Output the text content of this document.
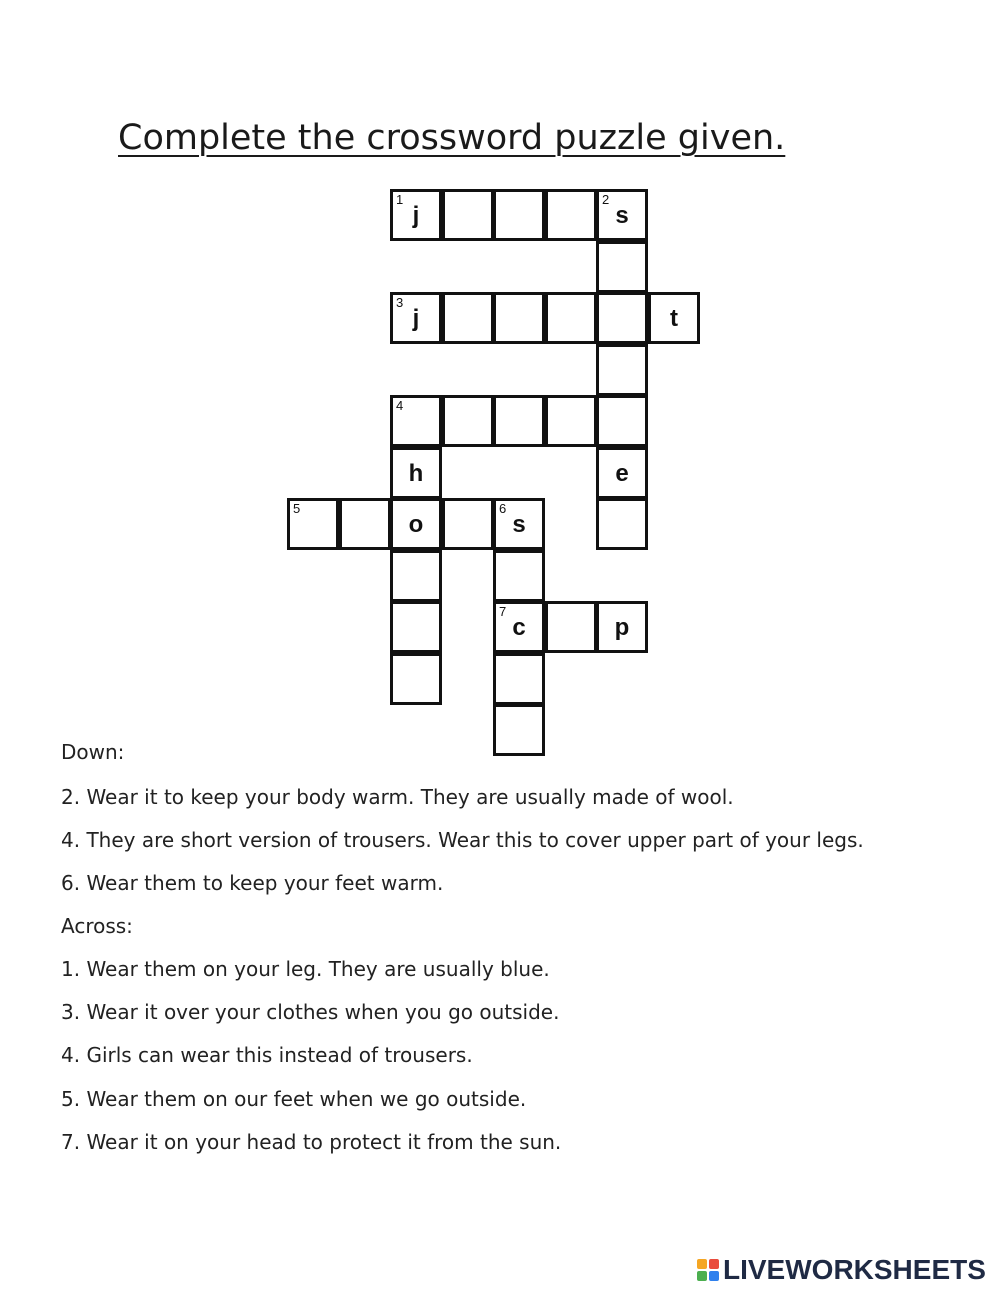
Complete the crossword puzzle given.
1
j
2
s
3
j	t
4
h	e
5
o
6
s
7
c	p
Down:
2. Wear it to keep your body warm. They are usually made of wool.
4. They are short version of trousers. Wear this to cover upper part of your legs.
6. Wear them to keep your feet warm.
Across:
1. Wear them on your leg. They are usually blue.
3. Wear it over your clothes when you go outside.
4. Girls can wear this instead of trousers.
5. Wear them on our feet when we go outside.
7. Wear it on your head to protect it from the sun.
LIVEWORKSHEETS
